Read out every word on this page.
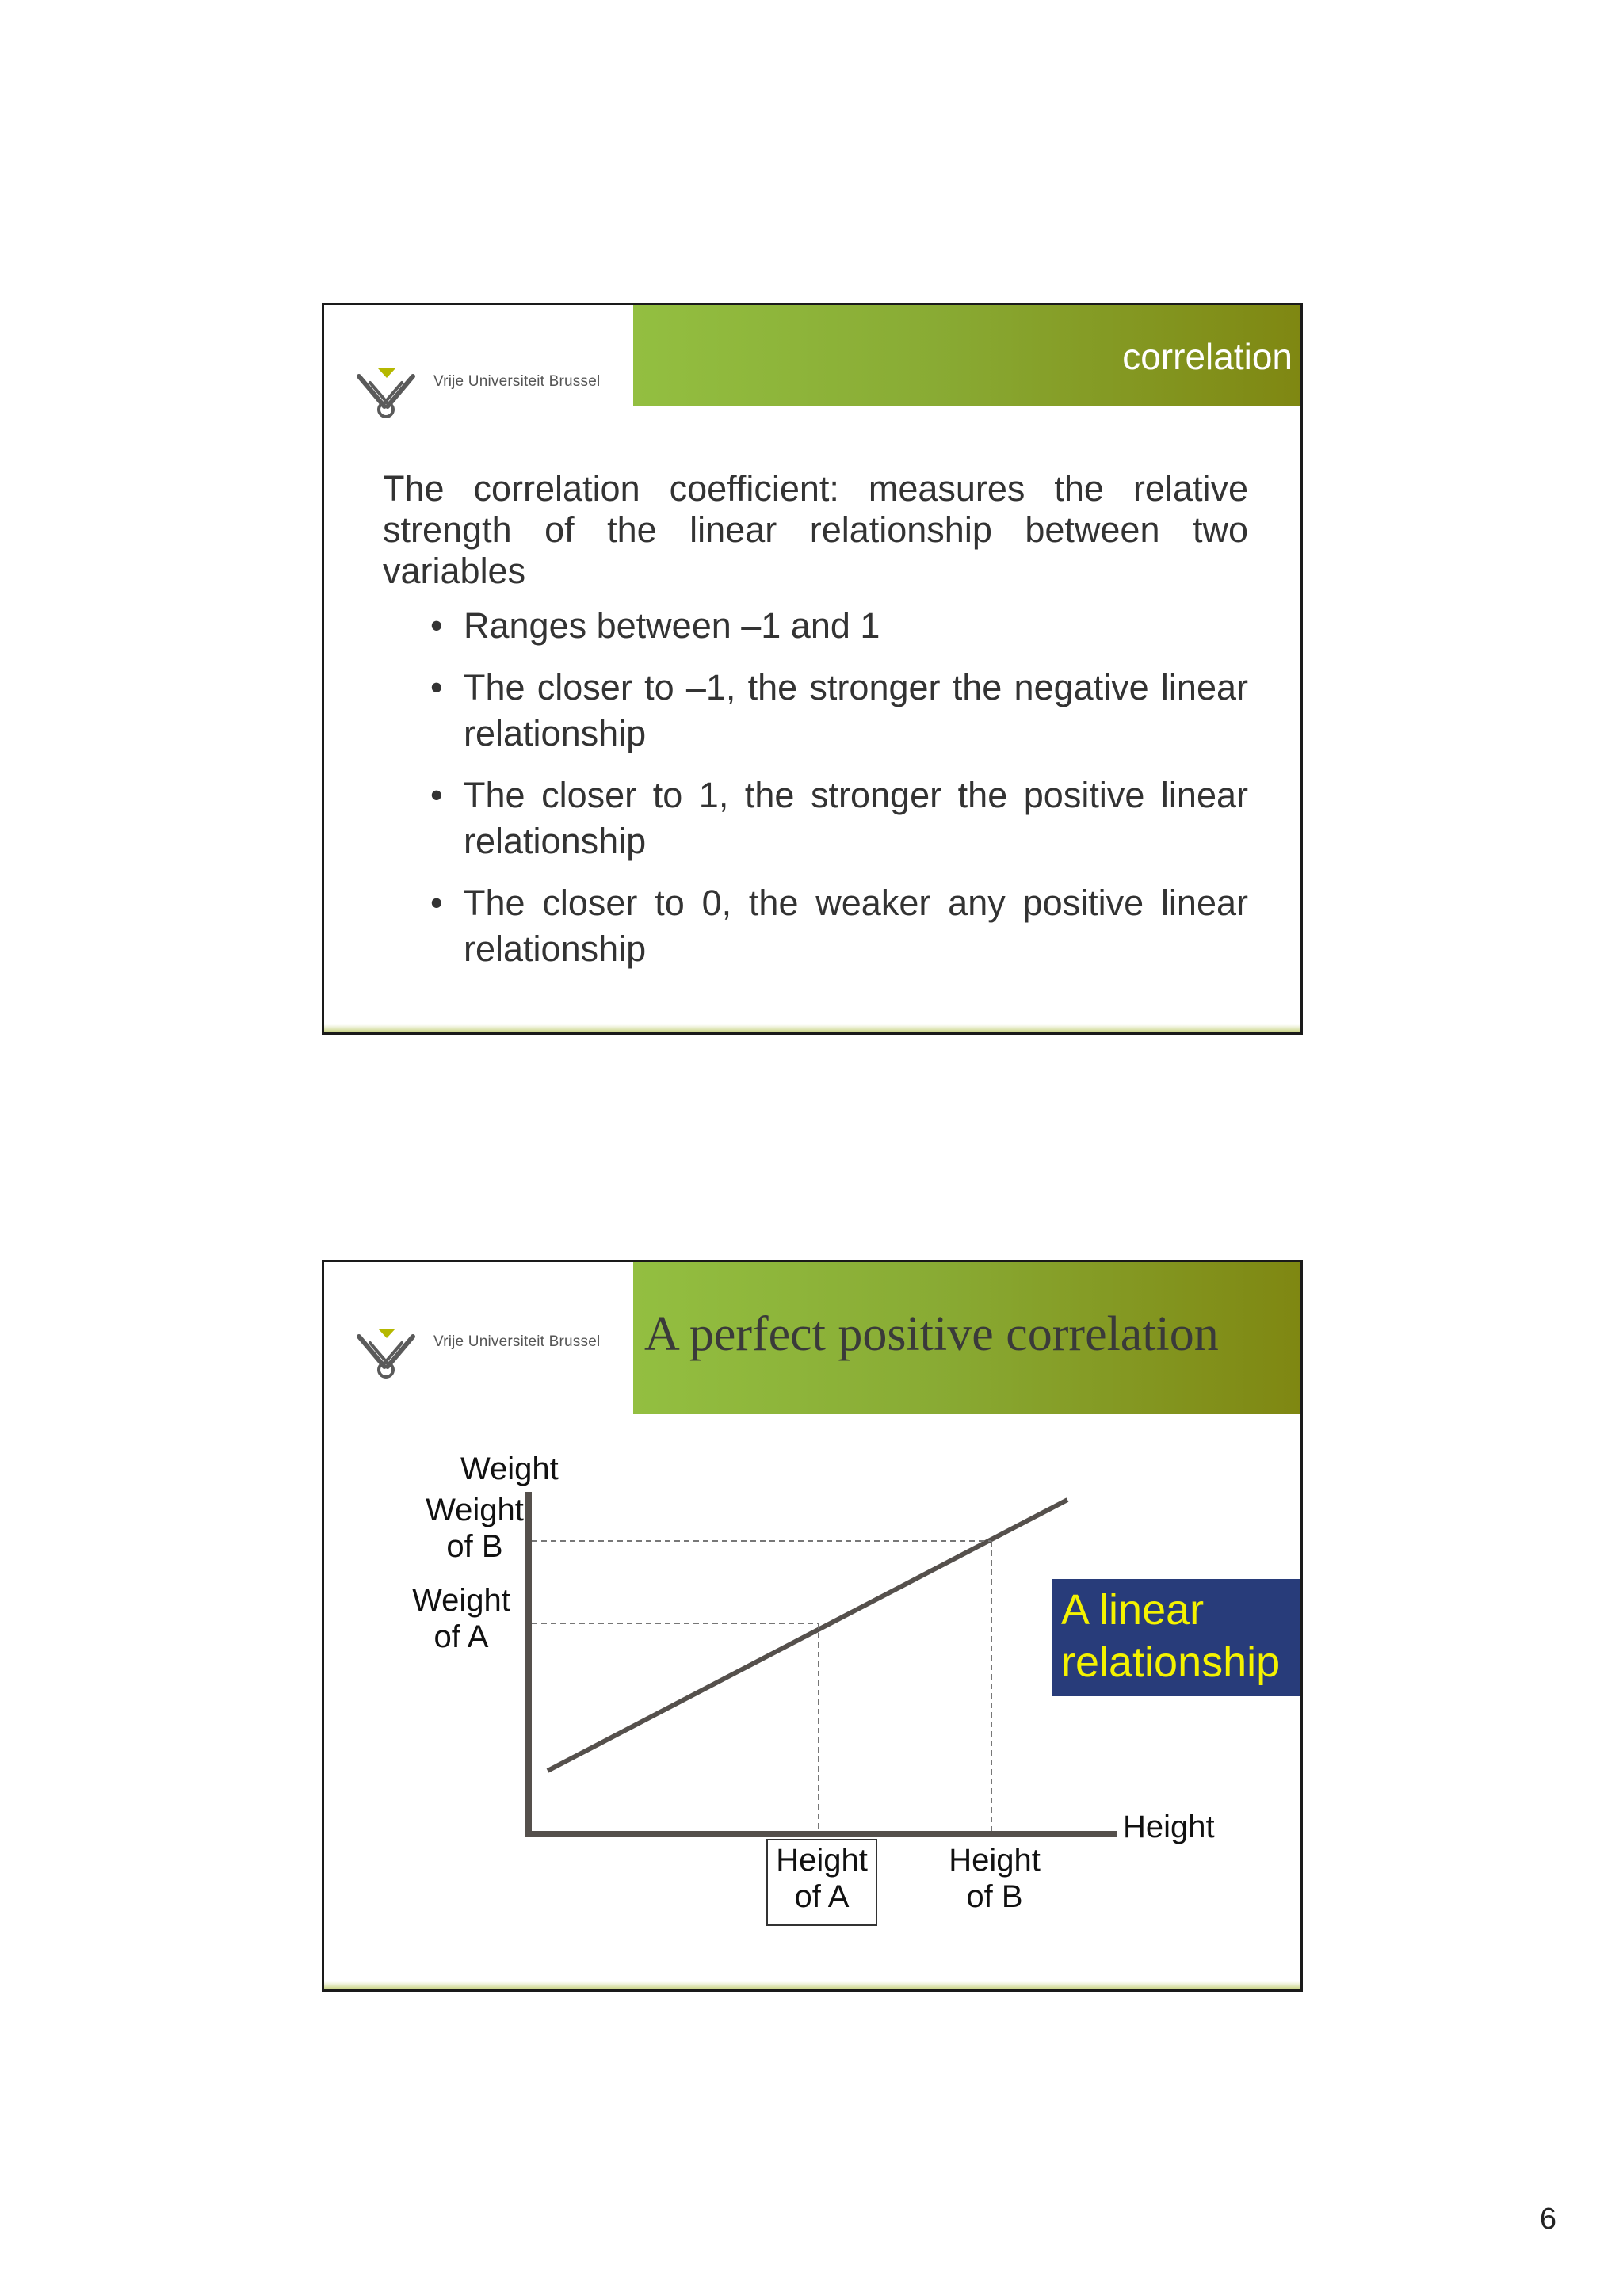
Vrije Universiteit Brussel
correlation

The correlation coefficient: measures the relative strength of the linear relationship between two variables

• Ranges between –1 and 1
• The closer to –1, the stronger the negative linear relationship
• The closer to 1, the stronger the positive linear relationship
• The closer to 0, the weaker any positive linear relationship
Vrije Universiteit Brussel A perfect positive correlation
Weight
Weight
of B
Weight
of A
Height
Height
of A
Height
of B
A linear
relationship
6
